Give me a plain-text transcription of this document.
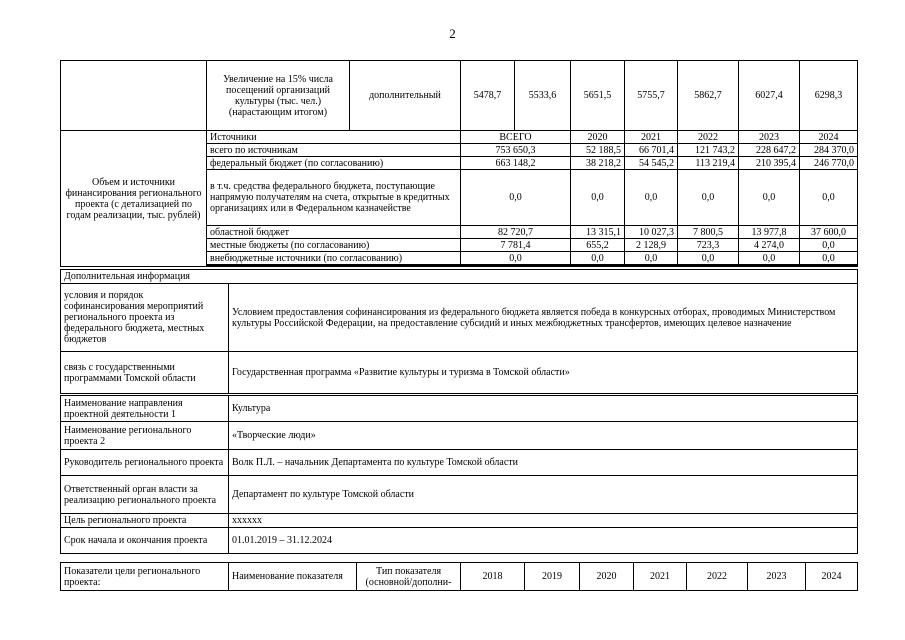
2
	Увеличение на 15% числа посещений организаций культуры (тыс. чел.) (нарастающим итогом)	дополнительный	5478,7	5533,6	5651,5	5755,7	5862,7	6027,4	6298,3
Объем и источники финансирования регионального проекта (с детализацией по годам реализации, тыс. рублей)	Источники	ВСЕГО	2020	2021	2022	2023	2024
	всего по источникам	753 650,3	52 188,5	66 701,4	121 743,2	228 647,2	284 370,0
	федеральный бюджет (по согласованию)	663 148,2	38 218,2	54 545,2	113 219,4	210 395,4	246 770,0
	в т.ч. средства федерального бюджета, поступающие напрямую получателям на счета, открытые в кредитных организациях или в Федеральном казначействе	0,0	0,0	0,0	0,0	0,0	0,0
	областной бюджет	82 720,7	13 315,1	10 027,3	7 800,5	13 977,8	37 600,0
	местные бюджеты (по согласованию)	7 781,4	655,2	2 128,9	723,3	4 274,0	0,0
	внебюджетные источники (по согласованию)	0,0	0,0	0,0	0,0	0,0	0,0

Дополнительная информация	
условия и порядок софинансирования мероприятий регионального проекта из федерального бюджета, местных бюджетов	Условием предоставления софинансирования из федерального бюджета является победа в конкурсных отборах, проводимых Министерством культуры Российской Федерации, на предоставление субсидий и иных межбюджетных трансфертов, имеющих целевое назначение
связь с государственными программами Томской области	Государственная программа «Развитие культуры и туризма в Томской области»
Наименование направления проектной деятельности 1	Культура
Наименование регионального проекта 2	«Творческие люди»
Руководитель регионального проекта	Волк П.Л. – начальник Департамента по культуре Томской области
Ответственный орган власти за реализацию регионального проекта	Департамент по культуре Томской области
Цель регионального проекта	хххххх
Срок начала и окончания проекта	01.01.2019 – 31.12.2024
Показатели цели регионального проекта:	Наименование показателя	Тип показателя (основной/дополни-	2018	2019	2020	2021	2022	2023	2024
